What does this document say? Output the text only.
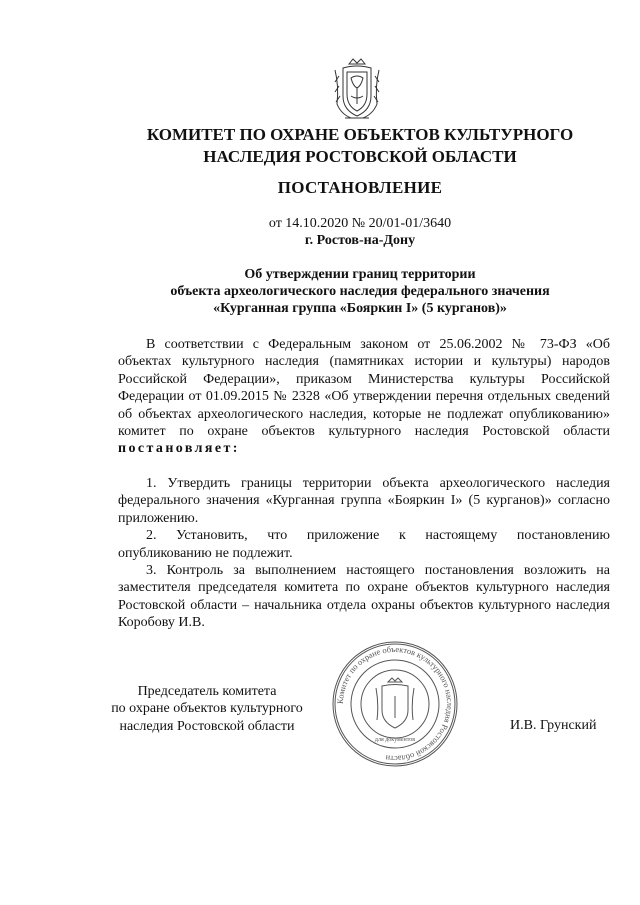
КОМИТЕТ ПО ОХРАНЕ ОБЪЕКТОВ КУЛЬТУРНОГО
НАСЛЕДИЯ РОСТОВСКОЙ ОБЛАСТИ
ПОСТАНОВЛЕНИЕ
от 14.10.2020 № 20/01-01/3640
г. Ростов-на-Дону
Об утверждении границ территории
объекта археологического наследия федерального значения
«Курганная группа «Бояркин I» (5 курганов)»

В соответствии с Федеральным законом от 25.06.2002 № 73-ФЗ «Об объектах культурного наследия (памятниках истории и культуры) народов Российской Федерации», приказом Министерства культуры Российской Федерации от 01.09.2015 № 2328 «Об утверждении перечня отдельных сведений об объектах археологического наследия, которые не подлежат опубликованию» комитет по охране объектов культурного наследия Ростовской области постановляет:

1. Утвердить границы территории объекта археологического наследия федерального значения «Курганная группа «Бояркин I» (5 курганов)» согласно приложению.

2. Установить, что приложение к настоящему постановлению опубликованию не подлежит.

3. Контроль за выполнением настоящего постановления возложить на заместителя председателя комитета по охране объектов культурного наследия Ростовской области – начальника отдела охраны объектов культурного наследия Коробову И.В.

Комитет по охране объектов культурного наследия Ростовской области
для документов
Председатель комитета
по охране объектов культурного
наследия Ростовской области	И.В. Грунский
